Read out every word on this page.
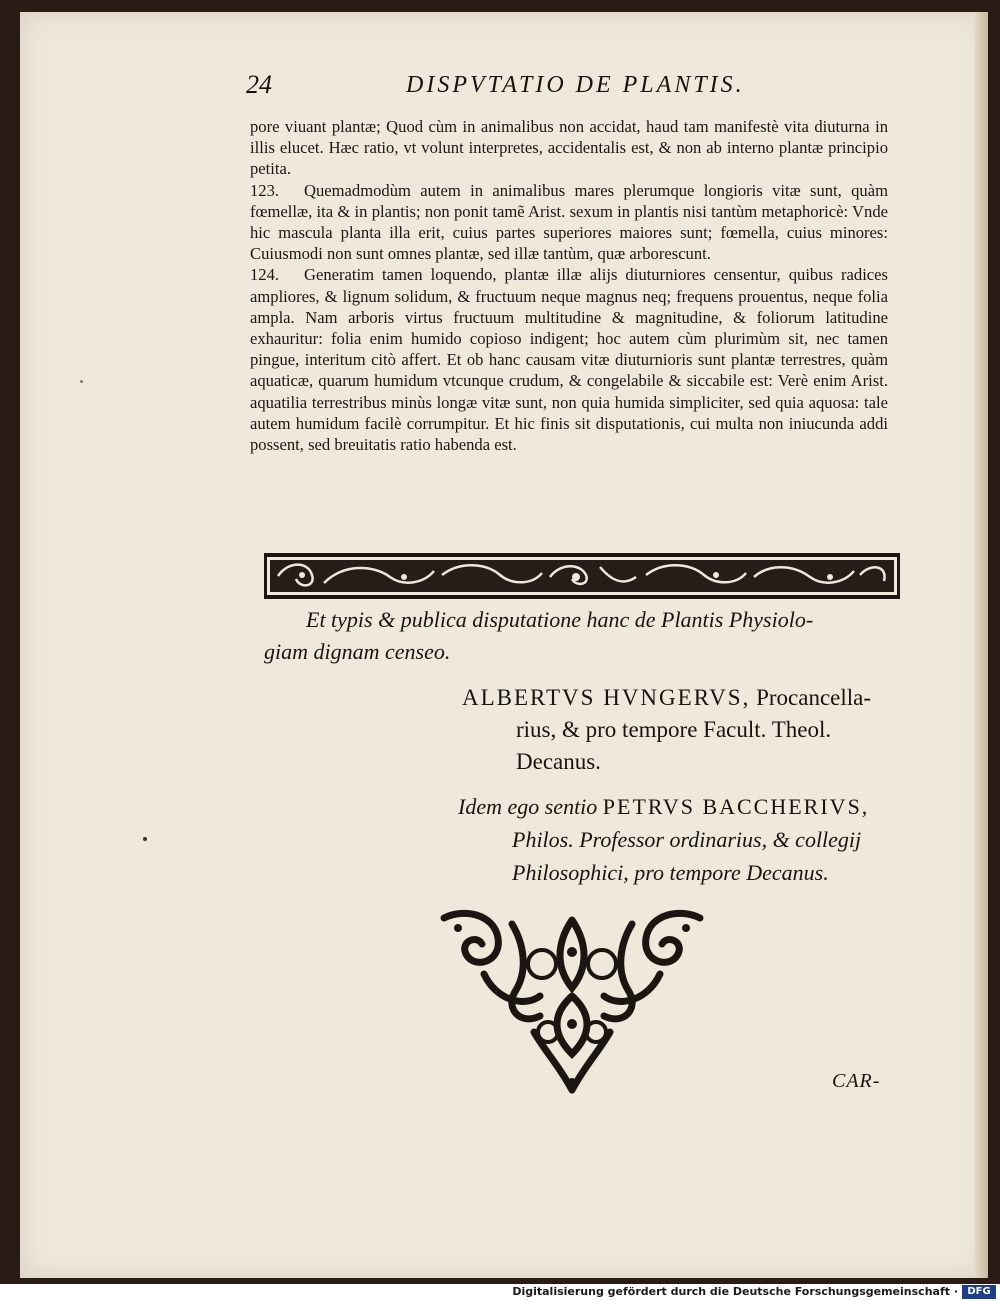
24	DISPVTATIO DE PLANTIS.

pore viuant plantæ; Quod cùm in animalibus non accidat, haud tam manifestè vita diuturna in illis elucet. Hæc ratio, vt volunt interpretes, accidentalis est, & non ab interno plantæ principio petita.

123. Quemadmodùm autem in animalibus mares plerumque longioris vitæ sunt, quàm fœmellæ, ita & in plantis; non ponit tamẽ Arist. sexum in plantis nisi tantùm metaphoricè: Vnde hic mascula planta illa erit, cuius partes superiores maiores sunt; fœmella, cuius minores: Cuiusmodi non sunt omnes plantæ, sed illæ tantùm, quæ arborescunt.

124. Generatim tamen loquendo, plantæ illæ alijs diuturniores censentur, quibus radices ampliores, & lignum solidum, & fructuum neque magnus neq; frequens prouentus, neque folia ampla. Nam arboris virtus fructuum multitudine & magnitudine, & foliorum latitudine exhauritur: folia enim humido copioso indigent; hoc autem cùm plurimùm sit, nec tamen pingue, interitum citò affert. Et ob hanc causam vitæ diuturnioris sunt plantæ terrestres, quàm aquaticæ, quarum humidum vtcunque crudum, & congelabile & siccabile est: Verè enim Arist. aquatilia terrestribus minùs longæ vitæ sunt, non quia humida simpliciter, sed quia aquosa: tale autem humidum facilè corrumpitur. Et hic finis sit disputationis, cui multa non iniucunda addi possent, sed breuitatis ratio habenda est.

Et typis & publica disputatione hanc de Plantis Physiolo-
giam dignam censeo.
ALBERTVS HVNGERVS, Procancella-
rius, & pro tempore Facult. Theol.
Decanus.
Idem ego sentio PETRVS BACCHERIVS,
Philos. Professor ordinarius, & collegij
Philosophici, pro tempore Decanus.
CAR-
Digitalisierung gefördert durch die Deutsche Forschungsgemeinschaft · DFG
